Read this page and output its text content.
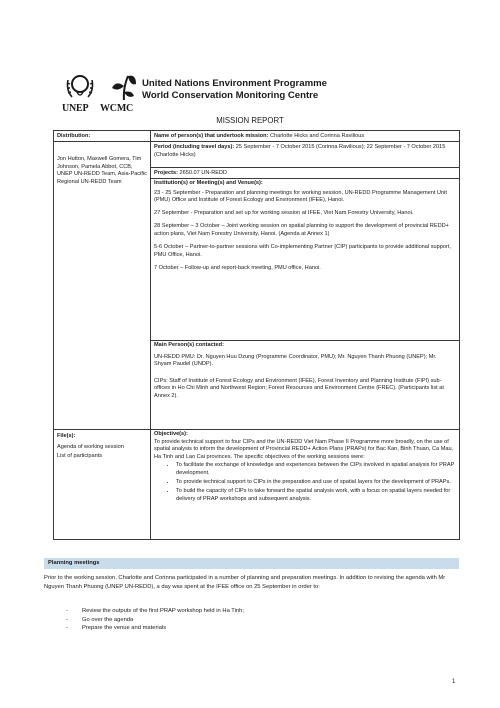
UNEP WCMC
United Nations Environment Programme
World Conservation Monitoring Centre
MISSION REPORT
Distribution:
Jon Hutton, Maxwell Gomera, Tim Johnson, Pamela Abbot, CCB, UNEP UN-REDD Team, Asia-Pacific Regional UN-REDD Team
File(s):
Agenda of working session
List of participants
Name of person(s) that undertook mission: Charlotte Hicks and Corinna Ravilious
Period (including travel days): 25 September - 7 October 2015 (Corinna Ravilious); 22 September - 7 October 2015 (Charlotte Hicks)
Projects: 2650.07 UN-REDD
Institution(s) or Meeting(s) and Venue(s):
23 - 25 September - Preparation and planning meetings for working session, UN-REDD Programme Management Unit (PMU) Office and Institute of Forest Ecology and Environment (IFEE), Hanoi.
27 September - Preparation and set up for working session at IFEE, Viet Nam Forestry University, Hanoi.
28 September – 3 October – Joint working session on spatial planning to support the development of provincial REDD+ action plans, Viet Nam Forestry University, Hanoi. (Agenda at Annex 1)
5-6 October – Partner-to-partner sessions with Co-implementing Partner (CIP) participants to provide additional support, PMU Office, Hanoi.
7 October – Follow-up and report-back meeting, PMU office, Hanoi.
Main Person(s) contacted:
UN-REDD PMU: Dr. Nguyen Huu Dzung (Programme Coordinator, PMU); Mr. Nguyen Thanh Phuong (UNEP); Mr. Shyam Paudel (UNDP).
CIPs: Staff of Institute of Forest Ecology and Environment (IFEE), Forest Inventory and Planning Institute (FIPI) sub-offices in Ho Chi Minh and Northwest Region; Forest Resources and Environment Centre (FREC). (Participants list at Annex 2).
Objective(s):
To provide technical support to four CIPs and the UN-REDD Viet Nam Phase II Programme more broadly, on the use of spatial analysis to inform the development of Provincial REDD+ Action Plans (PRAPs) for Bac Kan, Binh Thuan, Ca Mau, Ha Tinh and Lao Cai provinces. The specific objectives of the working sessions were:
• To facilitate the exchange of knowledge and experiences between the CIPs involved in spatial analysis for PRAP development.
• To provide technical support to CIPs in the preparation and use of spatial layers for the development of PRAPs.
• To build the capacity of CIPs to take forward the spatial analysis work, with a focus on spatial layers needed for delivery of PRAP workshops and subsequent analysis.
Planning meetings
Prior to the working session, Charlotte and Corinna participated in a number of planning and preparation meetings. In addition to revising the agenda with Mr Nguyen Thanh Phuong (UNEP UN-REDD), a day was spent at the IFEE office on 25 September in order to:
- Review the outputs of the first PRAP workshop held in Ha Tinh;
- Go over the agenda
- Prepare the venue and materials
1
